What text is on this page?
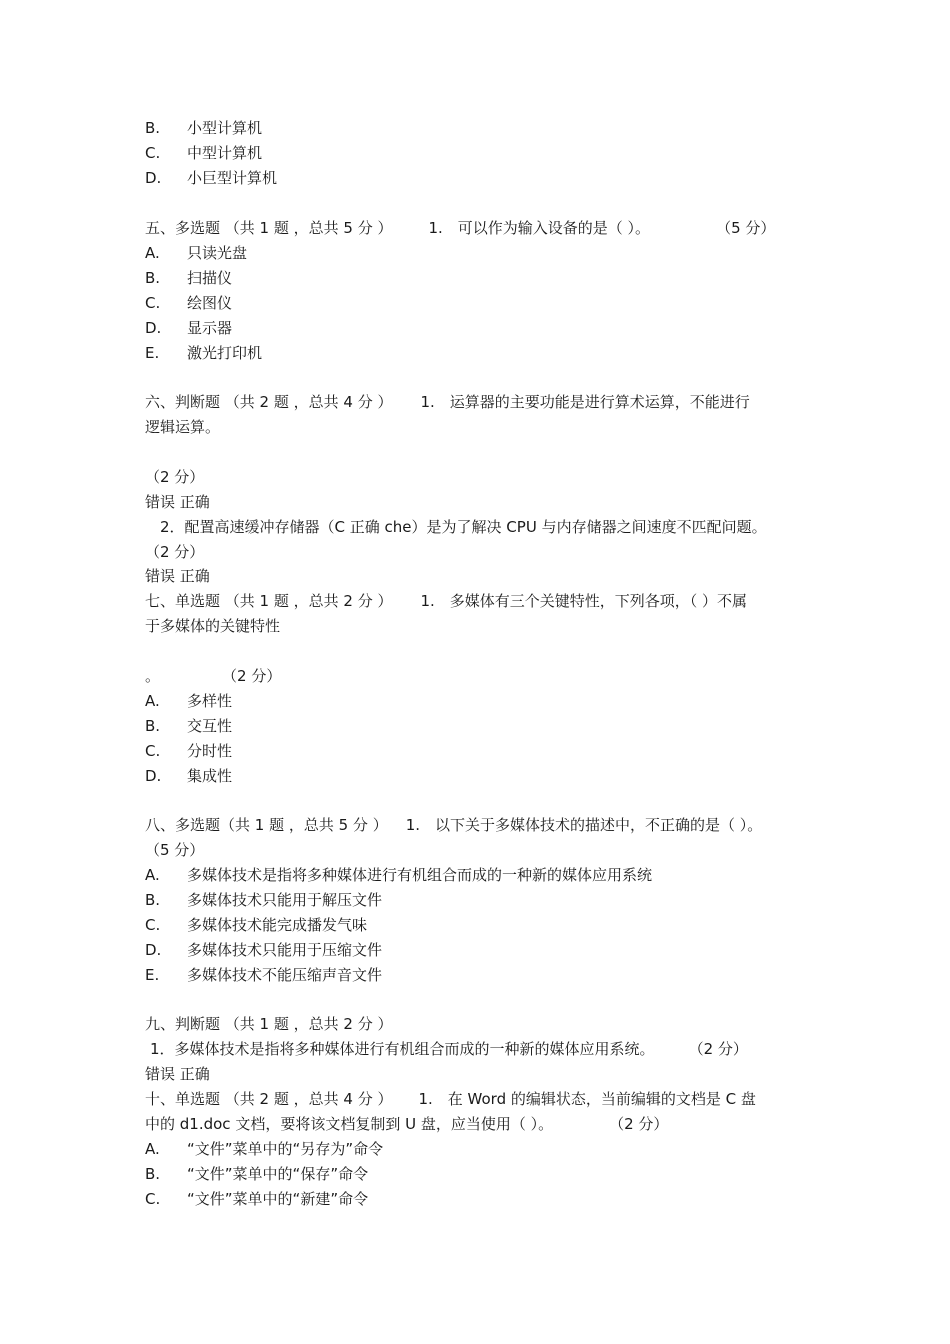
B. 小型计算机
C. 中型计算机
D. 小巨型计算机
五、多选题 （共 1 题 ，总共 5 分 ） 1.　可以作为输入设备的是（ ）。	（5 分）
A. 只读光盘
B. 扫描仪
C. 绘图仪
D. 显示器
E. 激光打印机
六、判断题 （共 2 题 ，总共 4 分 ） 1.　运算器的主要功能是进行算术运算，不能进行
逻辑运算。
（2 分）
错误 正确
2．配置高速缓冲存储器（C 正确 che）是为了解决 CPU 与内存储器之间速度不匹配问题。
（2 分）
错误 正确
七、单选题 （共 1 题 ，总共 2 分 ） 1.　多媒体有三个关键特性，下列各项，（ ）不属
于多媒体的关键特性
。	（2 分）
A. 多样性
B. 交互性
C. 分时性
D. 集成性
八、多选题（共 1 题 ，总共 5 分 ） 1.　以下关于多媒体技术的描述中，不正确的是（ ）。
（5 分）
A. 多媒体技术是指将多种媒体进行有机组合而成的一种新的媒体应用系统
B. 多媒体技术只能用于解压文件
C. 多媒体技术能完成播发气味
D. 多媒体技术只能用于压缩文件
E. 多媒体技术不能压缩声音文件
九、判断题 （共 1 题 ，总共 2 分 ）
1．多媒体技术是指将多种媒体进行有机组合而成的一种新的媒体应用系统。 （2 分）
错误 正确
十、单选题 （共 2 题 ，总共 4 分 ） 1.　在 Word 的编辑状态，当前编辑的文档是 C 盘
中的 d1.doc 文档，要将该文档复制到 U 盘，应当使用（ ）。	（2 分）
A. “文件”菜单中的“另存为”命令
B. “文件”菜单中的“保存”命令
C. “文件”菜单中的“新建”命令
